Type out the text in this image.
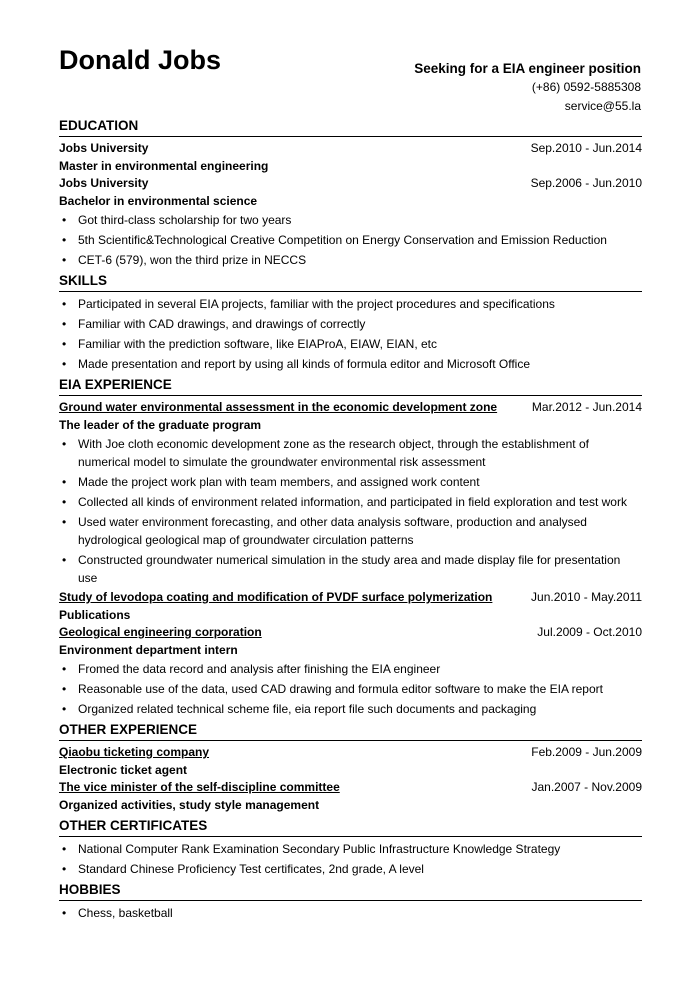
Donald Jobs	Seeking for a EIA engineer position
(+86) 0592-5885308
service@55.la
EDUCATION
Jobs University	Sep.2010 - Jun.2014
Master in environmental engineering
Jobs University	Sep.2006 - Jun.2010
Bachelor in environmental science
• Got third-class scholarship for two years
• 5th Scientific&Technological Creative Competition on Energy Conservation and Emission Reduction
• CET-6 (579), won the third prize in NECCS
SKILLS
• Participated in several EIA projects, familiar with the project procedures and specifications
• Familiar with CAD drawings, and drawings of correctly
• Familiar with the prediction software, like EIAProA, EIAW, EIAN, etc
• Made presentation and report by using all kinds of formula editor and Microsoft Office
EIA EXPERIENCE
Ground water environmental assessment in the economic development zone	Mar.2012 - Jun.2014
The leader of the graduate program
• With Joe cloth economic development zone as the research object, through the establishment of numerical model to simulate the groundwater environmental risk assessment
• Made the project work plan with team members, and assigned work content
• Collected all kinds of environment related information, and participated in field exploration and test work
• Used water environment forecasting, and other data analysis software, production and analysed hydrological geological map of groundwater circulation patterns
• Constructed groundwater numerical simulation in the study area and made display file for presentation use
Study of levodopa coating and modification of PVDF surface polymerization	Jun.2010 - May.2011
Publications
Geological engineering corporation	Jul.2009 - Oct.2010
Environment department intern
• Fromed the data record and analysis after finishing the EIA engineer
• Reasonable use of the data, used CAD drawing and formula editor software to make the EIA report
• Organized related technical scheme file, eia report file such documents and packaging
OTHER EXPERIENCE
Qiaobu ticketing company	Feb.2009 - Jun.2009
Electronic ticket agent
The vice minister of the self-discipline committee	Jan.2007 - Nov.2009
Organized activities, study style management
OTHER CERTIFICATES
• National Computer Rank Examination Secondary Public Infrastructure Knowledge Strategy
• Standard Chinese Proficiency Test certificates, 2nd grade, A level
HOBBIES
• Chess, basketball
